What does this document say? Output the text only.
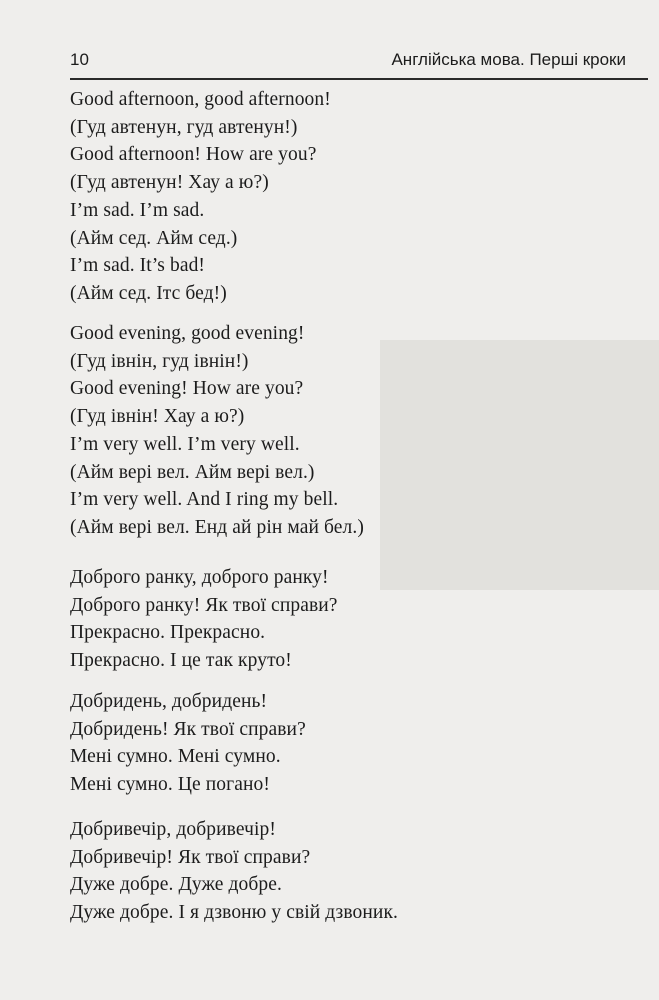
10	Англійська мова. Перші кроки
Good afternoon, good afternoon!
(Гуд автенун, гуд автенун!)
Good afternoon! How are you?
(Гуд автенун! Хау а ю?)
I’m sad. I’m sad.
(Айм сед. Айм сед.)
I’m sad. It’s bad!
(Айм сед. Ітс бед!)
Good evening, good evening!
(Гуд івнін, гуд івнін!)
Good evening! How are you?
(Гуд івнін! Хау а ю?)
I’m very well. I’m very well.
(Айм вері вел. Айм вері вел.)
I’m very well. And I ring my bell.
(Айм вері вел. Енд ай рін май бел.)
Доброго ранку, доброго ранку!
Доброго ранку! Як твої справи?
Прекрасно. Прекрасно.
Прекрасно. І це так круто!
Добридень, добридень!
Добридень! Як твої справи?
Мені сумно. Мені сумно.
Мені сумно. Це погано!
Добривечір, добривечір!
Добривечір! Як твої справи?
Дуже добре. Дуже добре.
Дуже добре. І я дзвоню у свій дзвоник.
